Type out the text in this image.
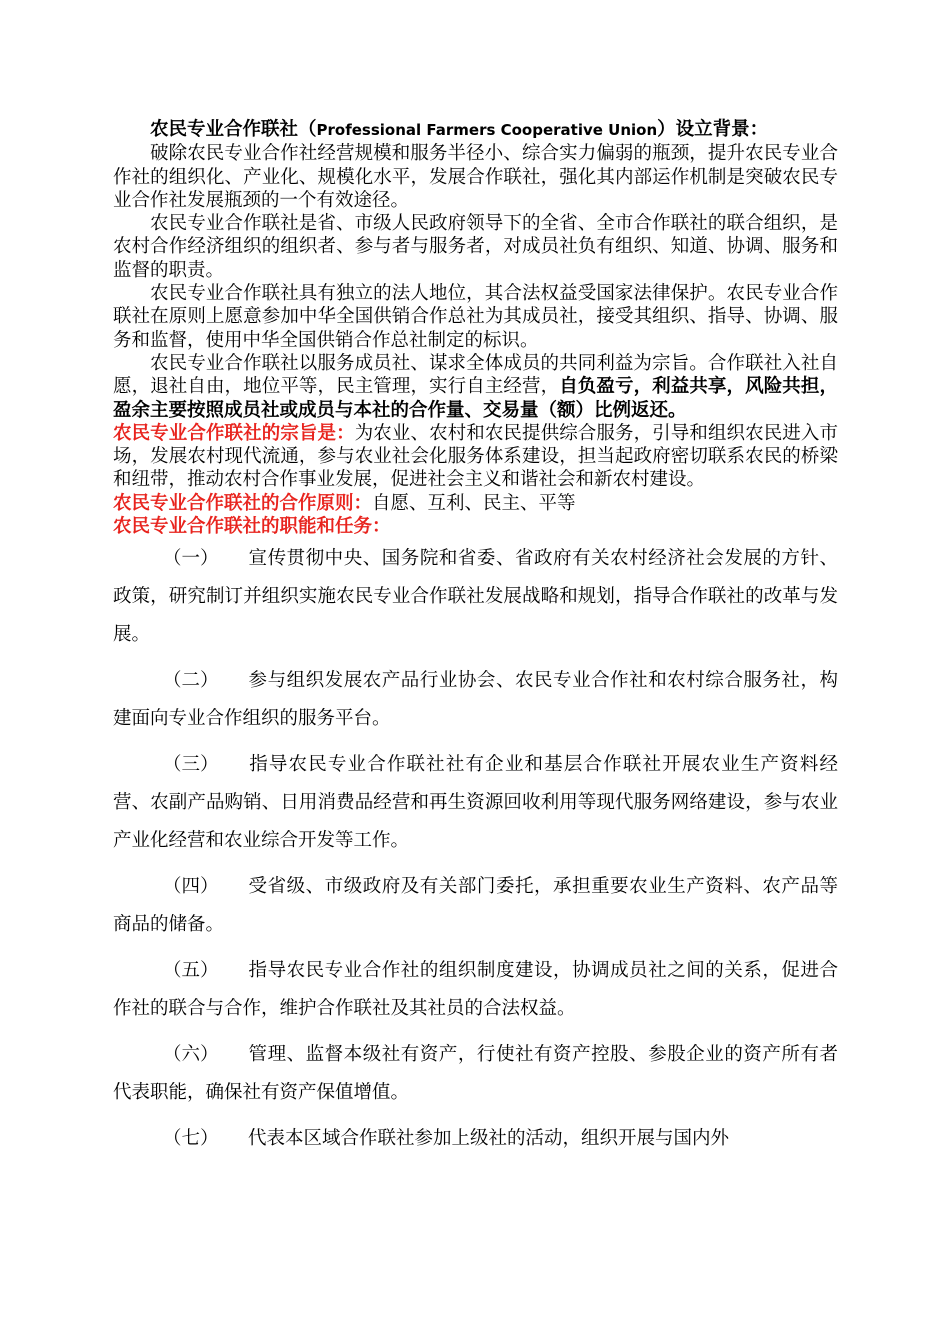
农民专业合作联社（Professional Farmers Cooperative Union）设立背景：

破除农民专业合作社经营规模和服务半径小、综合实力偏弱的瓶颈，提升农民专业合作社的组织化、产业化、规模化水平，发展合作联社，强化其内部运作机制是突破农民专业合作社发展瓶颈的一个有效途径。

农民专业合作联社是省、市级人民政府领导下的全省、全市合作联社的联合组织，是农村合作经济组织的组织者、参与者与服务者，对成员社负有组织、知道、协调、服务和监督的职责。

农民专业合作联社具有独立的法人地位，其合法权益受国家法律保护。农民专业合作联社在原则上愿意参加中华全国供销合作总社为其成员社，接受其组织、指导、协调、服务和监督，使用中华全国供销合作总社制定的标识。

农民专业合作联社以服务成员社、谋求全体成员的共同利益为宗旨。合作联社入社自愿，退社自由，地位平等，民主管理，实行自主经营，自负盈亏，利益共享，风险共担，盈余主要按照成员社或成员与本社的合作量、交易量（额）比例返还。

农民专业合作联社的宗旨是：为农业、农村和农民提供综合服务，引导和组织农民进入市场，发展农村现代流通，参与农业社会化服务体系建设，担当起政府密切联系农民的桥梁和纽带，推动农村合作事业发展，促进社会主义和谐社会和新农村建设。

农民专业合作联社的合作原则：自愿、互利、民主、平等

农民专业合作联社的职能和任务：

（一） 宣传贯彻中央、国务院和省委、省政府有关农村经济社会发展的方针、政策，研究制订并组织实施农民专业合作联社发展战略和规划，指导合作联社的改革与发展。

（二） 参与组织发展农产品行业协会、农民专业合作社和农村综合服务社，构建面向专业合作组织的服务平台。

（三） 指导农民专业合作联社社有企业和基层合作联社开展农业生产资料经营、农副产品购销、日用消费品经营和再生资源回收利用等现代服务网络建设，参与农业产业化经营和农业综合开发等工作。

（四） 受省级、市级政府及有关部门委托，承担重要农业生产资料、农产品等商品的储备。

（五） 指导农民专业合作社的组织制度建设，协调成员社之间的关系，促进合作社的联合与合作，维护合作联社及其社员的合法权益。

（六） 管理、监督本级社有资产，行使社有资产控股、参股企业的资产所有者代表职能，确保社有资产保值增值。

（七） 代表本区域合作联社参加上级社的活动，组织开展与国内外
